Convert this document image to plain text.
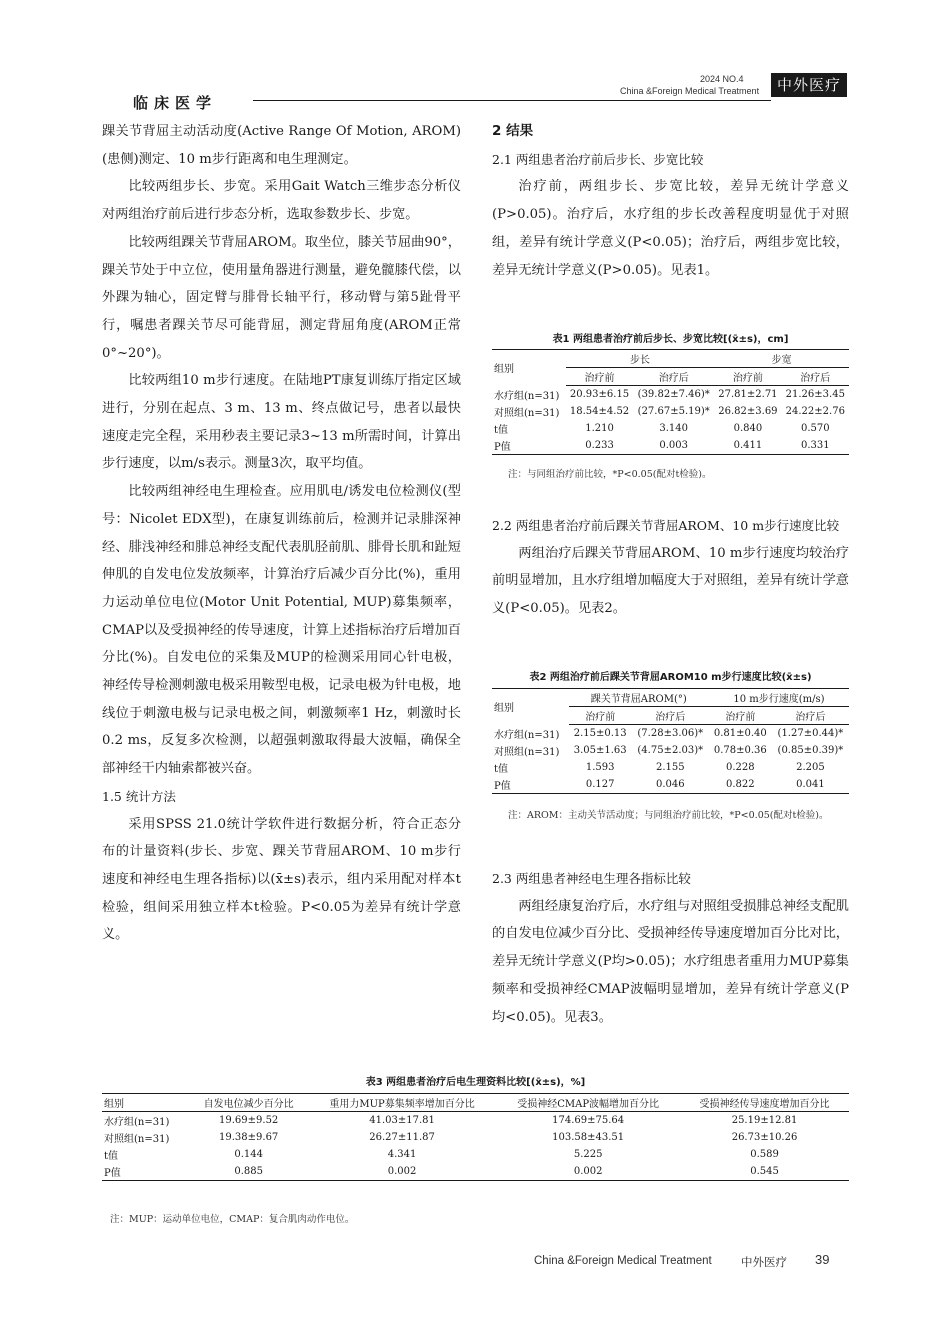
临床医学
2024 NO.4
China &Foreign Medical Treatment	中外医疗

踝关节背屈主动活动度(Active Range Of Motion, AROM)(患侧)测定、10 m步行距离和电生理测定。

比较两组步长、步宽。采用Gait Watch三维步态分析仪对两组治疗前后进行步态分析，选取参数步长、步宽。

比较两组踝关节背屈AROM。取坐位，膝关节屈曲90°，踝关节处于中立位，使用量角器进行测量，避免髋膝代偿，以外踝为轴心，固定臂与腓骨长轴平行，移动臂与第5趾骨平行，嘱患者踝关节尽可能背屈，测定背屈角度(AROM正常0°~20°)。

比较两组10 m步行速度。在陆地PT康复训练厅指定区域进行，分别在起点、3 m、13 m、终点做记号，患者以最快速度走完全程，采用秒表主要记录3~13 m所需时间，计算出步行速度，以m/s表示。测量3次，取平均值。

比较两组神经电生理检查。应用肌电/诱发电位检测仪(型号：Nicolet EDX型)，在康复训练前后，检测并记录腓深神经、腓浅神经和腓总神经支配代表肌胫前肌、腓骨长肌和趾短伸肌的自发电位发放频率，计算治疗后减少百分比(%)，重用力运动单位电位(Motor Unit Potential, MUP)募集频率，CMAP以及受损神经的传导速度，计算上述指标治疗后增加百分比(%)。自发电位的采集及MUP的检测采用同心针电极，神经传导检测刺激电极采用鞍型电极，记录电极为针电极，地线位于刺激电极与记录电极之间，刺激频率1 Hz，刺激时长0.2 ms，反复多次检测，以超强刺激取得最大波幅，确保全部神经干内轴索都被兴奋。

1.5 统计方法

采用SPSS 21.0统计学软件进行数据分析，符合正态分布的计量资料(步长、步宽、踝关节背屈AROM、10 m步行速度和神经电生理各指标)以(x̄±s)表示，组内采用配对样本t检验，组间采用独立样本t检验。P<0.05为差异有统计学意义。

2 结果

2.1 两组患者治疗前后步长、步宽比较

治疗前，两组步长、步宽比较，差异无统计学意义(P>0.05)。治疗后，水疗组的步长改善程度明显优于对照组，差异有统计学意义(P<0.05)；治疗后，两组步宽比较，差异无统计学意义(P>0.05)。见表1。

表1 两组患者治疗前后步长、步宽比较[(x̄±s)，cm]
组别	步长		步宽	
	治疗前	治疗后	治疗前	治疗后
水疗组(n=31)	20.93±6.15	(39.82±7.46)*	27.81±2.71	21.26±3.45
对照组(n=31)	18.54±4.52	(27.67±5.19)*	26.82±3.69	24.22±2.76
t值	1.210	3.140	0.840	0.570
P值	0.233	0.003	0.411	0.331
注：与同组治疗前比较，*P<0.05(配对t检验)。

2.2 两组患者治疗前后踝关节背屈AROM、10 m步行速度比较

两组治疗后踝关节背屈AROM、10 m步行速度均较治疗前明显增加，且水疗组增加幅度大于对照组，差异有统计学意义(P<0.05)。见表2。

表2 两组治疗前后踝关节背屈AROM10 m步行速度比较(x̄±s)
组别	踝关节背屈AROM(°)		10 m步行速度(m/s)	
	治疗前	治疗后	治疗前	治疗后
水疗组(n=31)	2.15±0.13	(7.28±3.06)*	0.81±0.40	(1.27±0.44)*
对照组(n=31)	3.05±1.63	(4.75±2.03)*	0.78±0.36	(0.85±0.39)*
t值	1.593	2.155	0.228	2.205
P值	0.127	0.046	0.822	0.041
注：AROM：主动关节活动度；与同组治疗前比较，*P<0.05(配对t检验)。

2.3 两组患者神经电生理各指标比较

两组经康复治疗后，水疗组与对照组受损腓总神经支配肌的自发电位减少百分比、受损神经传导速度增加百分比对比，差异无统计学意义(P均>0.05)；水疗组患者重用力MUP募集频率和受损神经CMAP波幅明显增加，差异有统计学意义(P均<0.05)。见表3。

表3 两组患者治疗后电生理资料比较[(x̄±s)，%]
组别	自发电位减少百分比	重用力MUP募集频率增加百分比	受损神经CMAP波幅增加百分比	受损神经传导速度增加百分比
水疗组(n=31)	19.69±9.52	41.03±17.81	174.69±75.64	25.19±12.81
对照组(n=31)	19.38±9.67	26.27±11.87	103.58±43.51	26.73±10.26
t值	0.144	4.341	5.225	0.589
P值	0.885	0.002	0.002	0.545
注：MUP：运动单位电位，CMAP：复合肌肉动作电位。
China &Foreign Medical Treatment	中外医疗 39
